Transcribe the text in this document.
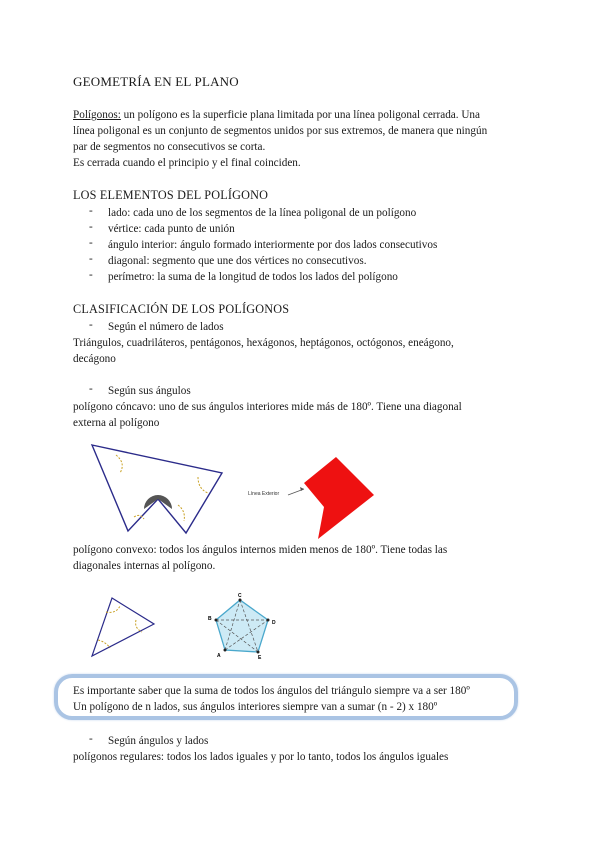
GEOMETRÍA EN EL PLANO
Polígonos: un polígono es la superficie plana limitada por una línea poligonal cerrada. Una
línea poligonal es un conjunto de segmentos unidos por sus extremos, de manera que ningún
par de segmentos no consecutivos se corta.
Es cerrada cuando el principio y el final coinciden.
LOS ELEMENTOS DEL POLÍGONO
- lado: cada uno de los segmentos de la línea poligonal de un polígono
- vértice: cada punto de unión
- ángulo interior: ángulo formado interiormente por dos lados consecutivos
- diagonal: segmento que une dos vértices no consecutivos.
- perímetro: la suma de la longitud de todos los lados del polígono
CLASIFICACIÓN DE LOS POLÍGONOS
- Según el número de lados
Triángulos, cuadriláteros, pentágonos, hexágonos, heptágonos, octógonos, eneágono,
decágono
- Según sus ángulos
polígono cóncavo: uno de sus ángulos interiores mide más de 180º. Tiene una diagonal
externa al polígono
Línea Exterior
polígono convexo: todos los ángulos internos miden menos de 180º. Tiene todas las
diagonales internas al polígono.
A
B
C
D
E
Es importante saber que la suma de todos los ángulos del triángulo siempre va a ser 180º
Un polígono de n lados, sus ángulos interiores siempre van a sumar (n - 2) x 180º
- Según ángulos y lados
polígonos regulares: todos los lados iguales y por lo tanto, todos los ángulos iguales
